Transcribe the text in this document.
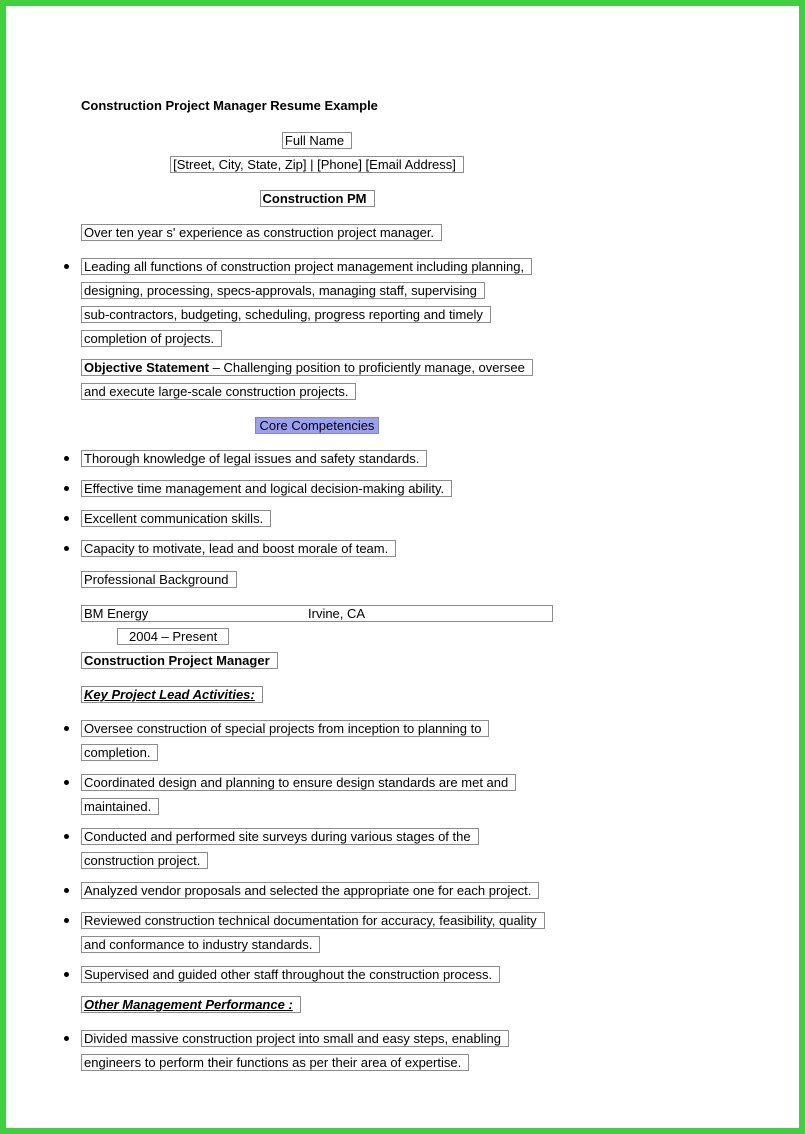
Construction Project Manager Resume Example
Full Name
[Street, City, State, Zip] | [Phone] [Email Address]
Construction PM
Over ten year s' experience as construction project manager.
Leading all functions of construction project management including planning,
designing, processing, specs-approvals, managing staff, supervising
sub-contractors, budgeting, scheduling, progress reporting and timely
completion of projects.
Objective Statement – Challenging position to proficiently manage, oversee
and execute large-scale construction projects.
Core Competencies
Thorough knowledge of legal issues and safety standards.
Effective time management and logical decision-making ability.
Excellent communication skills.
Capacity to motivate, lead and boost morale of team.
Professional Background
BM Energy	Irvine, CA
2004 – Present
Construction Project Manager
Key Project Lead Activities:
Oversee construction of special projects from inception to planning to
completion.
Coordinated design and planning to ensure design standards are met and
maintained.
Conducted and performed site surveys during various stages of the
construction project.
Analyzed vendor proposals and selected the appropriate one for each project.
Reviewed construction technical documentation for accuracy, feasibility, quality
and conformance to industry standards.
Supervised and guided other staff throughout the construction process.
Other Management Performance :
Divided massive construction project into small and easy steps, enabling
engineers to perform their functions as per their area of expertise.
